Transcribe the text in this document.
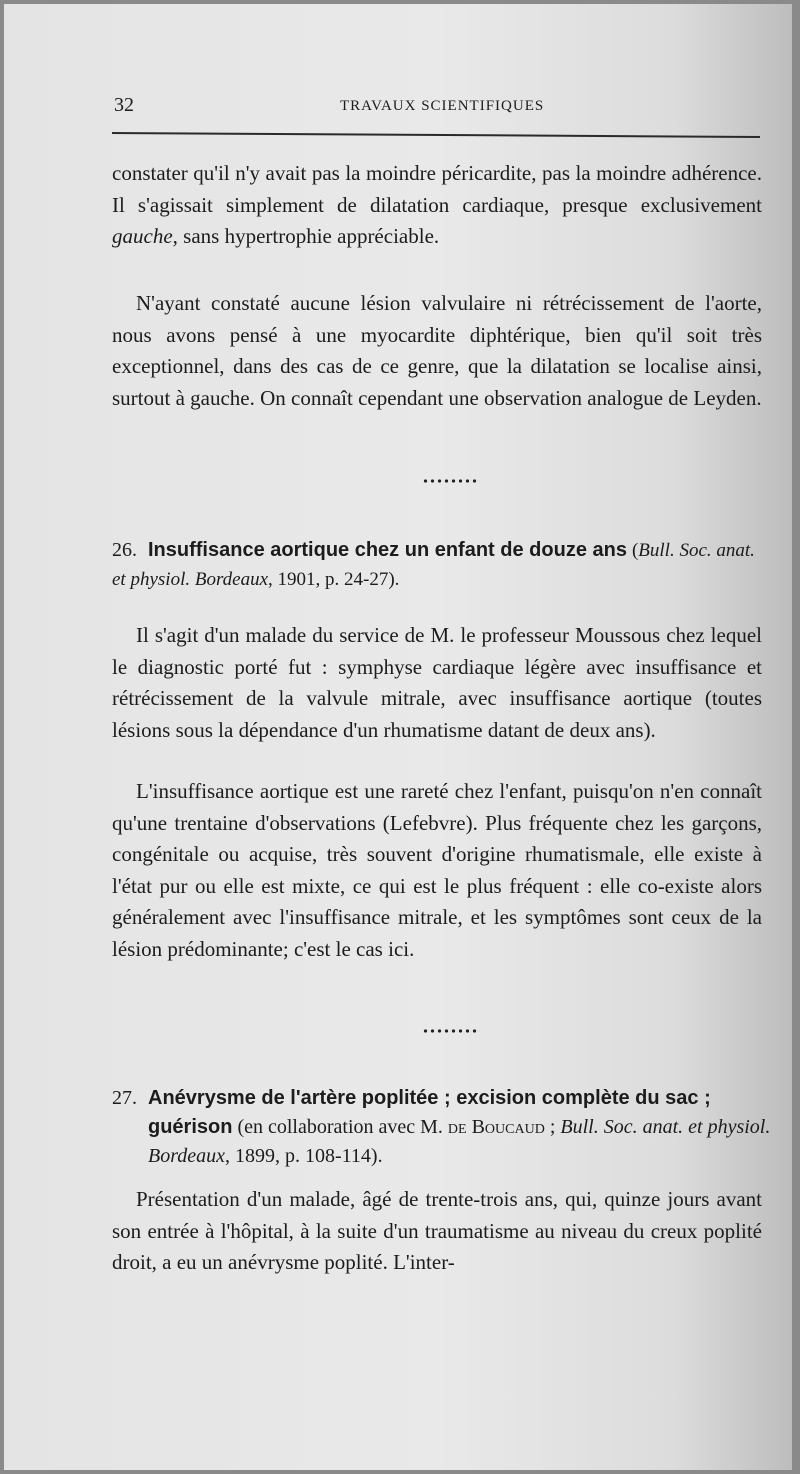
32	TRAVAUX SCIENTIFIQUES

constater qu'il n'y avait pas la moindre péricardite, pas la moindre adhérence. Il s'agissait simplement de dilatation cardiaque, presque exclusivement gauche, sans hypertrophie appréciable.

N'ayant constaté aucune lésion valvulaire ni rétrécissement de l'aorte, nous avons pensé à une myocardite diphtérique, bien qu'il soit très exceptionnel, dans des cas de ce genre, que la dilatation se localise ainsi, surtout à gauche. On connaît cependant une observation analogue de Leyden.

26. Insuffisance aortique chez un enfant de douze ans (Bull. Soc. anat. et physiol. Bordeaux, 1901, p. 24-27).

Il s'agit d'un malade du service de M. le professeur Moussous chez lequel le diagnostic porté fut : symphyse cardiaque légère avec insuffisance et rétrécissement de la valvule mitrale, avec insuffisance aortique (toutes lésions sous la dépendance d'un rhumatisme datant de deux ans).

L'insuffisance aortique est une rareté chez l'enfant, puisqu'on n'en connaît qu'une trentaine d'observations (Lefebvre). Plus fréquente chez les garçons, congénitale ou acquise, très souvent d'origine rhumatismale, elle existe à l'état pur ou elle est mixte, ce qui est le plus fréquent : elle co-existe alors généralement avec l'insuffisance mitrale, et les symptômes sont ceux de la lésion prédominante; c'est le cas ici.

27. Anévrysme de l'artère poplitée ; excision complète du sac ;
guérison (en collaboration avec M. de Boucaud ; Bull. Soc. anat. et physiol. Bordeaux, 1899, p. 108-114).

Présentation d'un malade, âgé de trente-trois ans, qui, quinze jours avant son entrée à l'hôpital, à la suite d'un traumatisme au niveau du creux poplité droit, a eu un anévrysme poplité. L'inter-
